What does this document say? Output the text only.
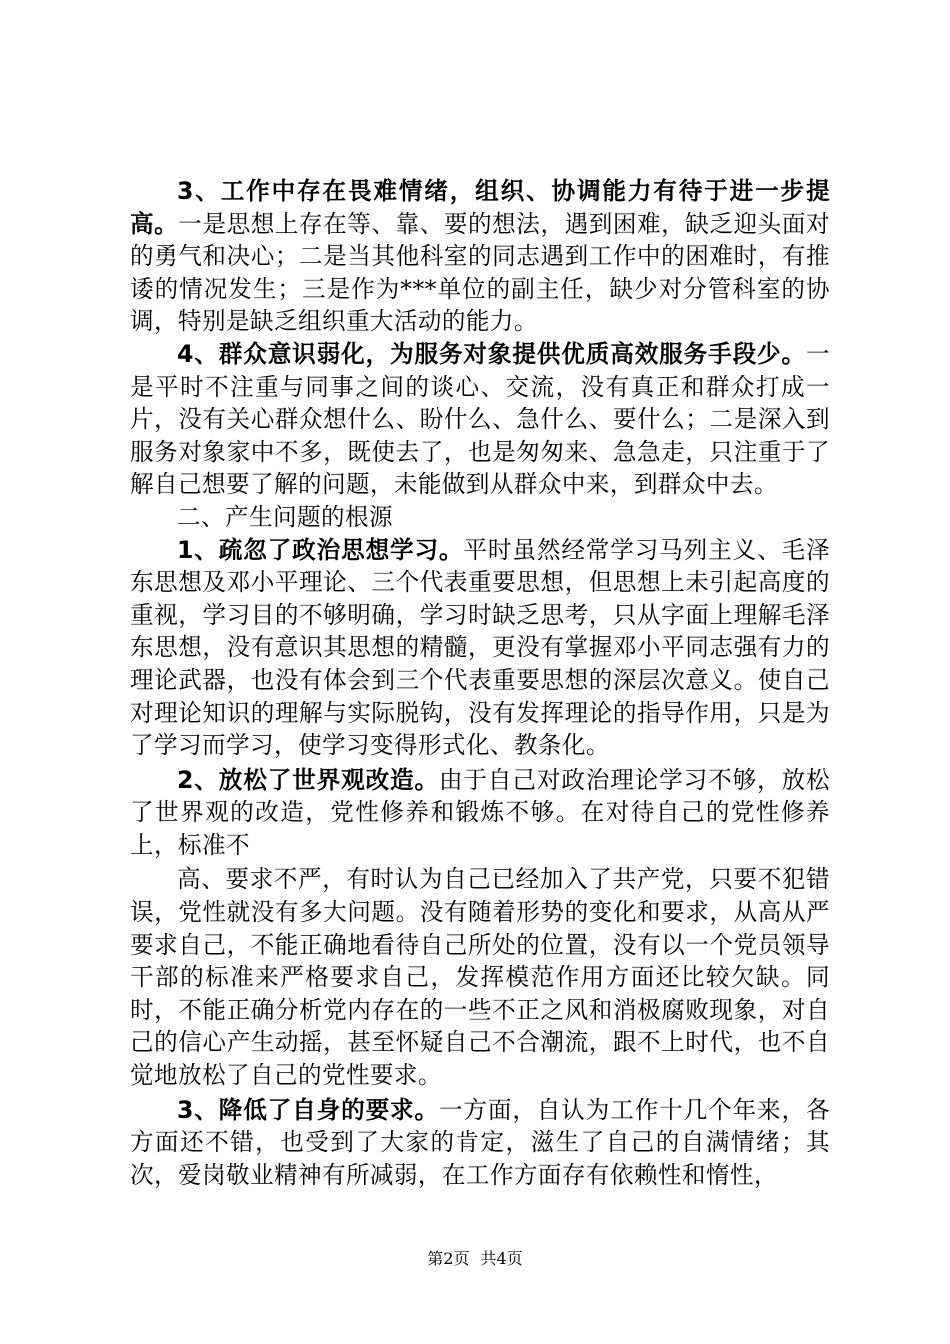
3、工作中存在畏难情绪，组织、协调能力有待于进一步提高。一是思想上存在等、靠、要的想法，遇到困难，缺乏迎头面对的勇气和决心；二是当其他科室的同志遇到工作中的困难时，有推诿的情况发生；三是作为***单位的副主任，缺少对分管科室的协调，特别是缺乏组织重大活动的能力。

4、群众意识弱化，为服务对象提供优质高效服务手段少。一是平时不注重与同事之间的谈心、交流，没有真正和群众打成一片，没有关心群众想什么、盼什么、急什么、要什么；二是深入到服务对象家中不多，既使去了，也是匆匆来、急急走，只注重于了解自己想要了解的问题，未能做到从群众中来，到群众中去。

二、产生问题的根源

1、疏忽了政治思想学习。平时虽然经常学习马列主义、毛泽东思想及邓小平理论、三个代表重要思想，但思想上未引起高度的重视，学习目的不够明确，学习时缺乏思考，只从字面上理解毛泽东思想，没有意识其思想的精髓，更没有掌握邓小平同志强有力的理论武器，也没有体会到三个代表重要思想的深层次意义。使自己对理论知识的理解与实际脱钩，没有发挥理论的指导作用，只是为了学习而学习，使学习变得形式化、教条化。

2、放松了世界观改造。由于自己对政治理论学习不够，放松了世界观的改造，党性修养和锻炼不够。在对待自己的党性修养上，标准不

高、要求不严，有时认为自己已经加入了共产党，只要不犯错误，党性就没有多大问题。没有随着形势的变化和要求，从高从严要求自己，不能正确地看待自己所处的位置，没有以一个党员领导干部的标准来严格要求自己，发挥模范作用方面还比较欠缺。同时，不能正确分析党内存在的一些不正之风和消极腐败现象，对自己的信心产生动摇，甚至怀疑自己不合潮流，跟不上时代，也不自觉地放松了自己的党性要求。

3、降低了自身的要求。一方面，自认为工作十几个年来，各方面还不错，也受到了大家的肯定，滋生了自己的自满情绪；其次，爱岗敬业精神有所减弱，在工作方面存有依赖性和惰性，

第2页 共4页
